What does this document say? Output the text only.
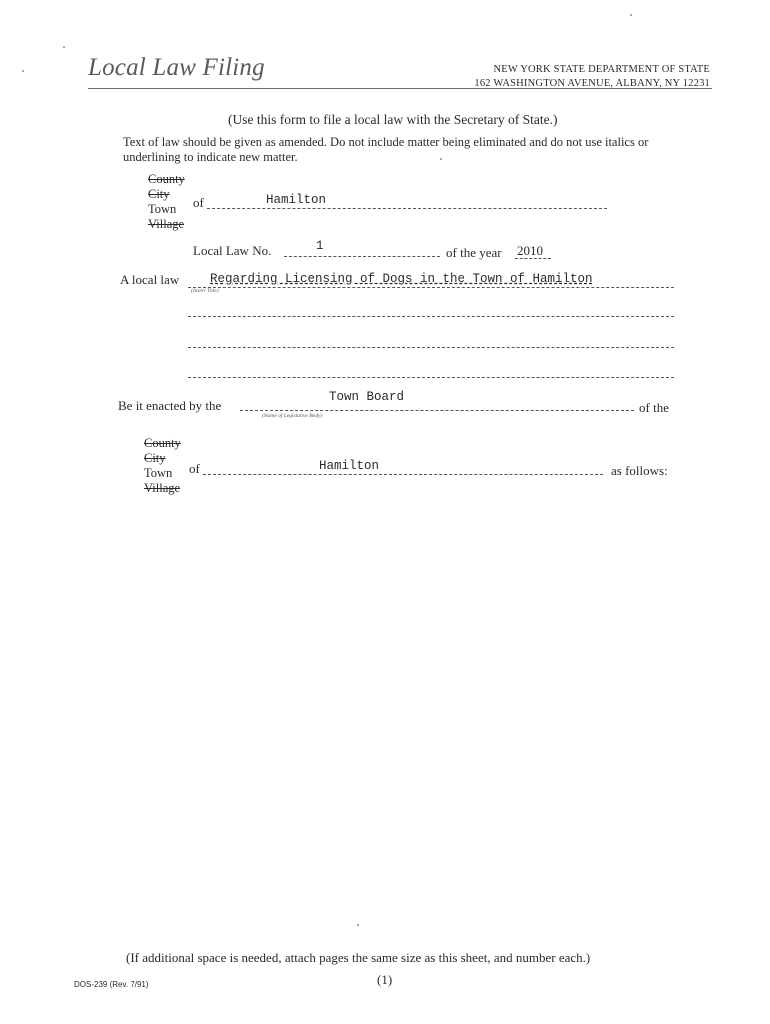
Local Law Filing	NEW YORK STATE DEPARTMENT OF STATE
162 WASHINGTON AVENUE, ALBANY, NY 12231
(Use this form to file a local law with the Secretary of State.)
Text of law should be given as amended. Do not include matter being eliminated and do not use italics or underlining to indicate new matter.
County
City
Town
Village
of	Hamilton
Local Law No.	1	of the year 2010
A local law Regarding Licensing of Dogs in the Town of Hamilton
(Insert Title)
Be it enacted by the
Town Board
(Name of Legislative Body)
of the
County
City
Town
Village
of	Hamilton	as follows:
(If additional space is needed, attach pages the same size as this sheet, and number each.)
(1)
DOS-239 (Rev. 7/91)
